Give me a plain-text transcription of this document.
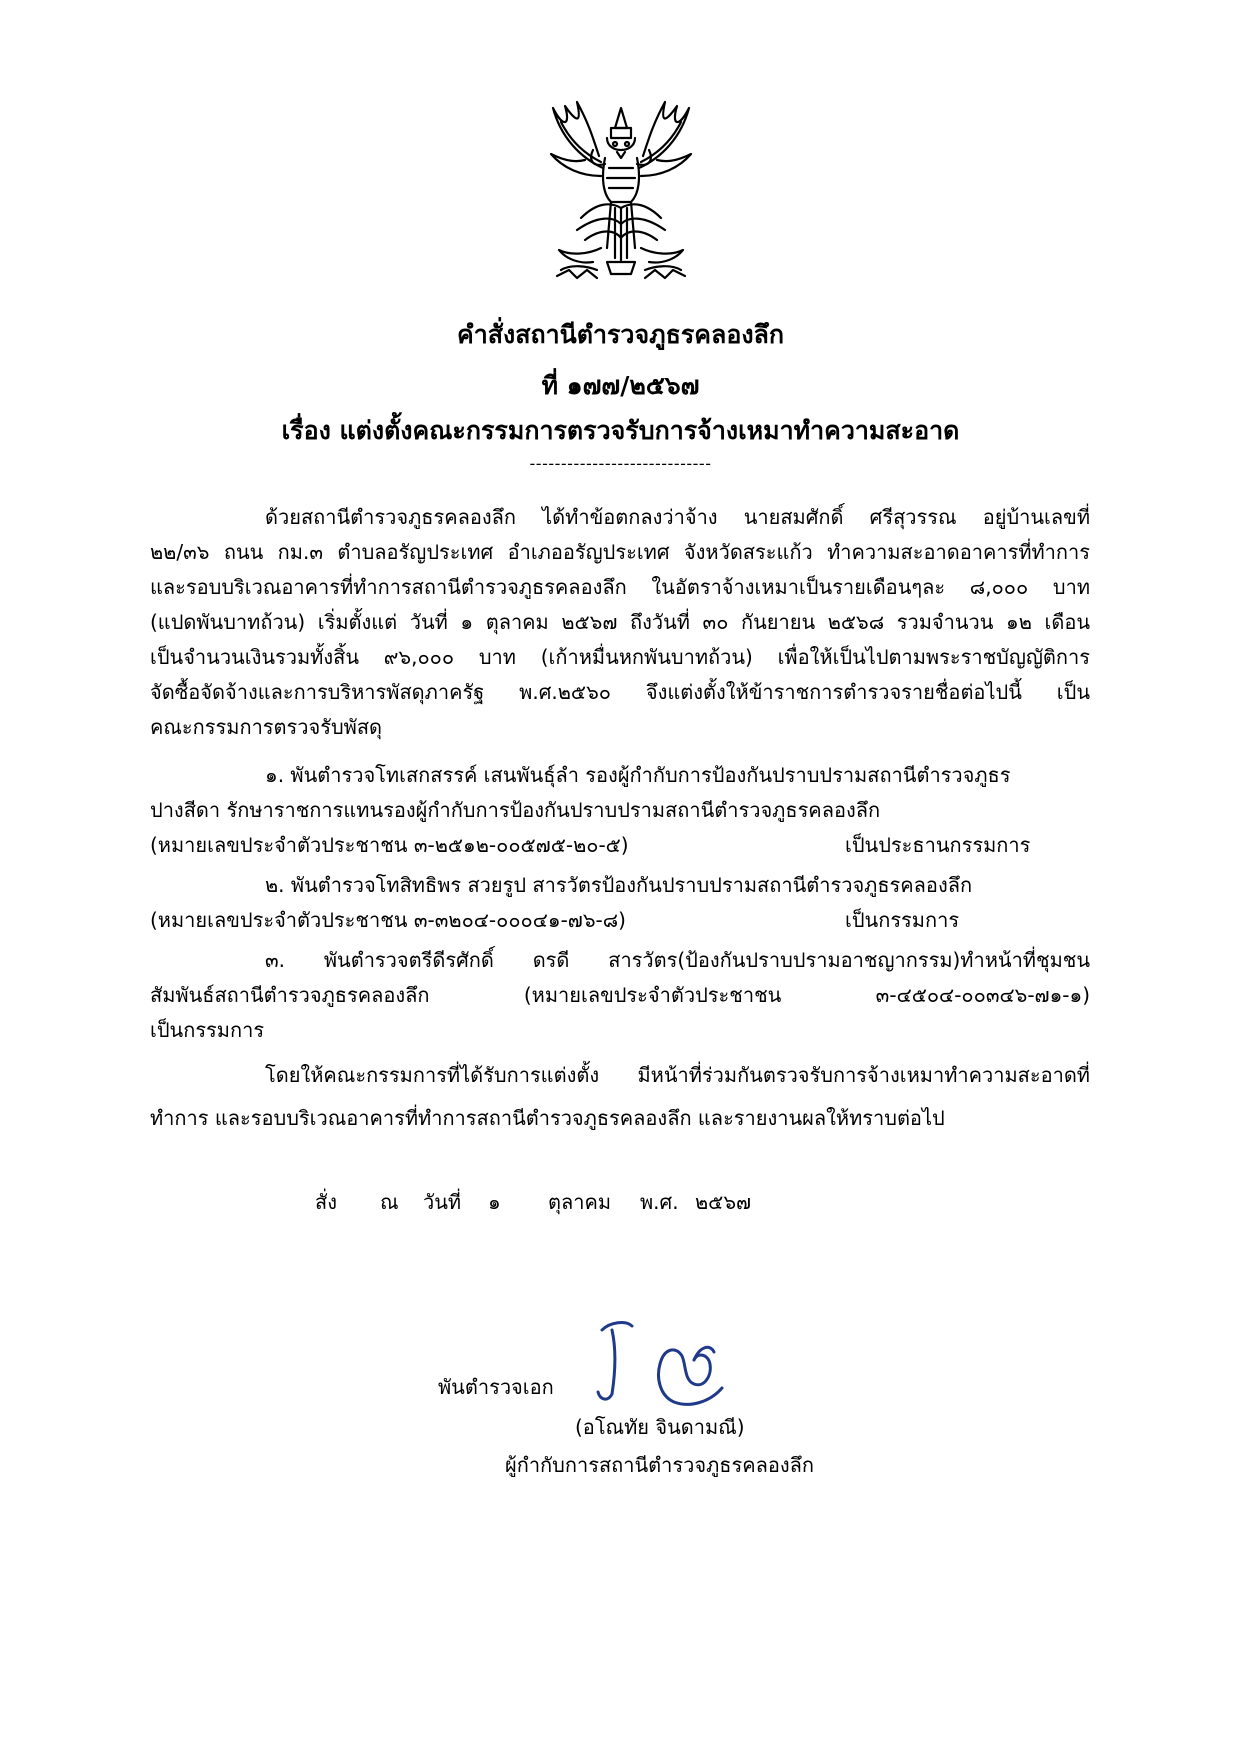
คำสั่งสถานีตำรวจภูธรคลองลึก
ที่ ๑๗๗/๒๕๖๗
เรื่อง แต่งตั้งคณะกรรมการตรวจรับการจ้างเหมาทำความสะอาด
-----------------------------
ด้วยสถานีตำรวจภูธรคลองลึก ได้ทำข้อตกลงว่าจ้าง นายสมศักดิ์ ศรีสุวรรณ อยู่บ้านเลขที่
๒๒/๓๖ ถนน กม.๓ ตำบลอรัญประเทศ อำเภออรัญประเทศ จังหวัดสระแก้ว ทำความสะอาดอาคารที่ทำการ
และรอบบริเวณอาคารที่ทำการสถานีตำรวจภูธรคลองลึก ในอัตราจ้างเหมาเป็นรายเดือนๆละ ๘,๐๐๐ บาท
(แปดพันบาทถ้วน) เริ่มตั้งแต่ วันที่ ๑ ตุลาคม ๒๕๖๗ ถึงวันที่ ๓๐ กันยายน ๒๕๖๘ รวมจำนวน ๑๒ เดือน
เป็นจำนวนเงินรวมทั้งสิ้น ๙๖,๐๐๐ บาท (เก้าหมื่นหกพันบาทถ้วน) เพื่อให้เป็นไปตามพระราชบัญญัติการ
จัดซื้อจัดจ้างและการบริหารพัสดุภาครัฐ พ.ศ.๒๕๖๐ จึงแต่งตั้งให้ข้าราชการตำรวจรายชื่อต่อไปนี้ เป็น
คณะกรรมการตรวจรับพัสดุ
๑. พันตำรวจโทเสกสรรค์ เสนพันธุ์ลำ รองผู้กำกับการป้องกันปราบปรามสถานีตำรวจภูธร
ปางสีดา รักษาราชการแทนรองผู้กำกับการป้องกันปราบปรามสถานีตำรวจภูธรคลองลึก
(หมายเลขประจำตัวประชาชน ๓-๒๕๑๒-๐๐๕๗๕-๒๐-๕)	เป็นประธานกรรมการ
๒. พันตำรวจโทสิทธิพร สวยรูป สารวัตรป้องกันปราบปรามสถานีตำรวจภูธรคลองลึก
(หมายเลขประจำตัวประชาชน ๓-๓๒๐๔-๐๐๐๔๑-๗๖-๘)	เป็นกรรมการ
๓. พันตำรวจตรีดีรศักดิ์ ดรดี สารวัตร(ป้องกันปราบปรามอาชญากรรม)ทำหน้าที่ชุมชน
สัมพันธ์สถานีตำรวจภูธรคลองลึก (หมายเลขประจำตัวประชาชน ๓-๔๕๐๔-๐๐๓๔๖-๗๑-๑)
เป็นกรรมการ
โดยให้คณะกรรมการที่ได้รับการแต่งตั้ง มีหน้าที่ร่วมกันตรวจรับการจ้างเหมาทำความสะอาดที่
ทำการ และรอบบริเวณอาคารที่ทำการสถานีตำรวจภูธรคลองลึก และรายงานผลให้ทราบต่อไป
สั่ง ณ วันที่ ๑ ตุลาคม พ.ศ. ๒๕๖๗
พันตำรวจเอก
(อโณทัย จินดามณี)
ผู้กำกับการสถานีตำรวจภูธรคลองลึก
